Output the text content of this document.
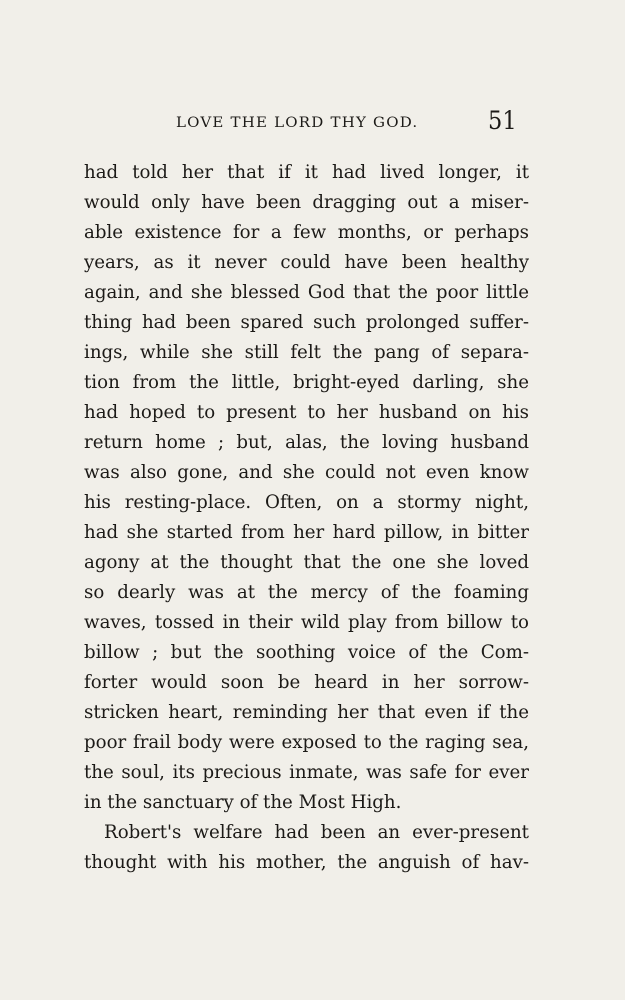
LOVE THE LORD THY GOD.	51
had told her that if it had lived longer, it
would only have been dragging out a miser-
able existence for a few months, or perhaps
years, as it never could have been healthy
again, and she blessed God that the poor little
thing had been spared such prolonged suffer-
ings, while she still felt the pang of separa-
tion from the little, bright-eyed darling, she
had hoped to present to her husband on his
return home ; but, alas, the loving husband
was also gone, and she could not even know
his resting-place. Often, on a stormy night,
had she started from her hard pillow, in bitter
agony at the thought that the one she loved
so dearly was at the mercy of the foaming
waves, tossed in their wild play from billow to
billow ; but the soothing voice of the Com-
forter would soon be heard in her sorrow-
stricken heart, reminding her that even if the
poor frail body were exposed to the raging sea,
the soul, its precious inmate, was safe for ever
in the sanctuary of the Most High.
Robert's welfare had been an ever-present
thought with his mother, the anguish of hav-
